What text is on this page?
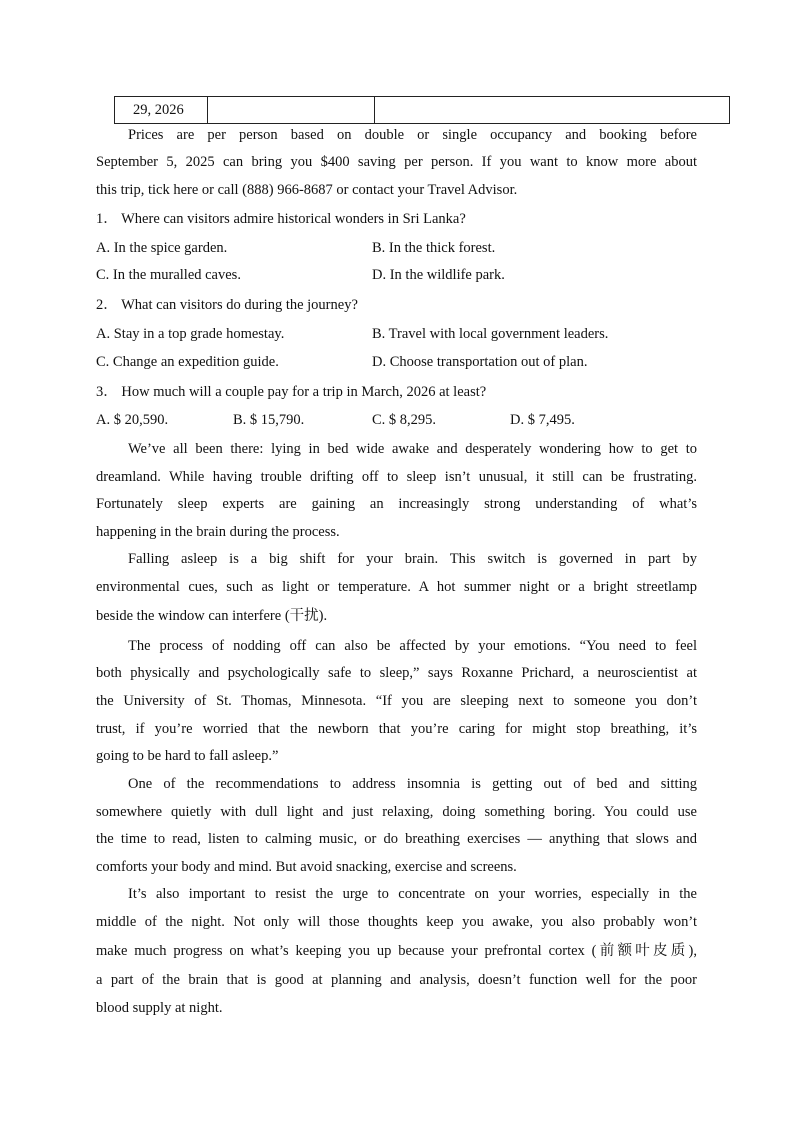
29, 2026		
Prices are per person based on double or single occupancy and booking before
September 5, 2025 can bring you $400 saving per person. If you want to know more about
this trip, tick here or call (888) 966-8687 or contact your Travel Advisor.
1． Where can visitors admire historical wonders in Sri Lanka?
A. In the spice garden.	B. In the thick forest.
C. In the muralled caves.	D. In the wildlife park.
2． What can visitors do during the journey?
A. Stay in a top grade homestay.	B. Travel with local government leaders.
C. Change an expedition guide.	D. Choose transportation out of plan.
3． How much will a couple pay for a trip in March, 2026 at least?
A. $ 20,590.	B. $ 15,790.	C. $ 8,295.	D. $ 7,495.
We’ve all been there: lying in bed wide awake and desperately wondering how to get to
dreamland. While having trouble drifting off to sleep isn’t unusual, it still can be frustrating.
Fortunately sleep experts are gaining an increasingly strong understanding of what’s
happening in the brain during the process.
Falling asleep is a big shift for your brain. This switch is governed in part by
environmental cues, such as light or temperature. A hot summer night or a bright streetlamp
beside the window can interfere (干扰).
The process of nodding off can also be affected by your emotions. “You need to feel
both physically and psychologically safe to sleep,” says Roxanne Prichard, a neuroscientist at
the University of St. Thomas, Minnesota. “If you are sleeping next to someone you don’t
trust, if you’re worried that the newborn that you’re caring for might stop breathing, it’s
going to be hard to fall asleep.”
One of the recommendations to address insomnia is getting out of bed and sitting
somewhere quietly with dull light and just relaxing, doing something boring. You could use
the time to read, listen to calming music, or do breathing exercises — anything that slows and
comforts your body and mind. But avoid snacking, exercise and screens.
It’s also important to resist the urge to concentrate on your worries, especially in the
middle of the night. Not only will those thoughts keep you awake, you also probably won’t
make much progress on what’s keeping you up because your prefrontal cortex (前额叶皮质),
a part of the brain that is good at planning and analysis, doesn’t function well for the poor
blood supply at night.
